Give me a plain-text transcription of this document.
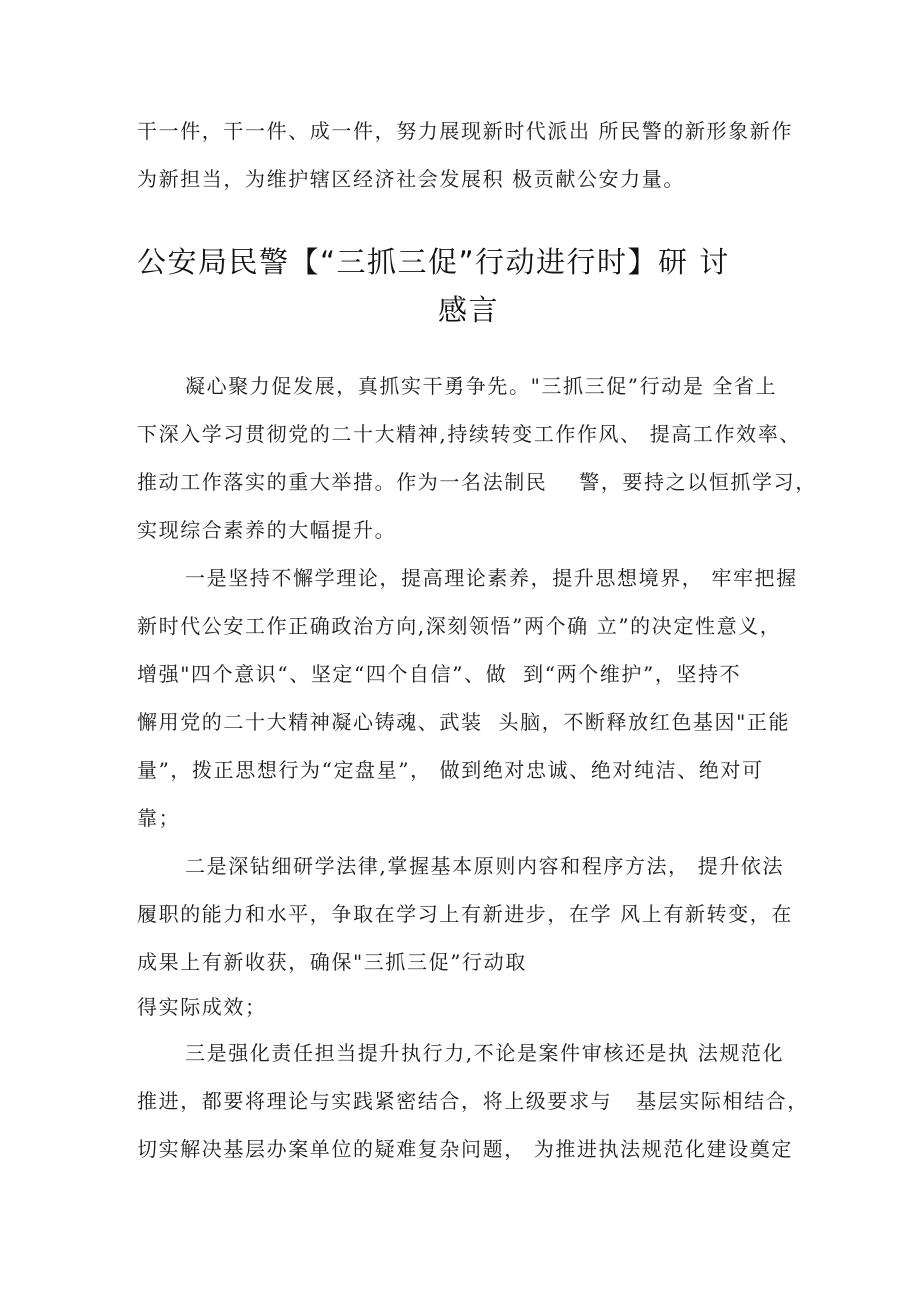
干一件，干一件、成一件，努力展现新时代派出 所民警的新形象新作
为新担当，为维护辖区经济社会发展积 极贡献公安力量。
公安局民警【“三抓三促”行动进行时】研 讨
感言
凝心聚力促发展，真抓实干勇争先。"三抓三促”行动是 全省上
下深入学习贯彻党的二十大精神,持续转变工作作风、 提高工作效率、
推动工作落实的重大举措。作为一名法制民    警，要持之以恒抓学习，
实现综合素养的大幅提升。
一是坚持不懈学理论，提高理论素养，提升思想境界， 牢牢把握
新时代公安工作正确政治方向,深刻领悟”两个确 立”的决定性意义，
增强"四个意识“、坚定“四个自信”、做  到“两个维护”，坚持不
懈用党的二十大精神凝心铸魂、武装  头脑，不断释放红色基因"正能
量”，拨正思想行为“定盘星”， 做到绝对忠诚、绝对纯洁、绝对可
靠；
二是深钻细研学法律,掌握基本原则内容和程序方法， 提升依法
履职的能力和水平，争取在学习上有新进步，在学 风上有新转变，在
成果上有新收获，确保"三抓三促”行动取
得实际成效；
三是强化责任担当提升执行力,不论是案件审核还是执 法规范化
推进，都要将理论与实践紧密结合，将上级要求与   基层实际相结合，
切实解决基层办案单位的疑难复杂问题， 为推进执法规范化建设奠定
